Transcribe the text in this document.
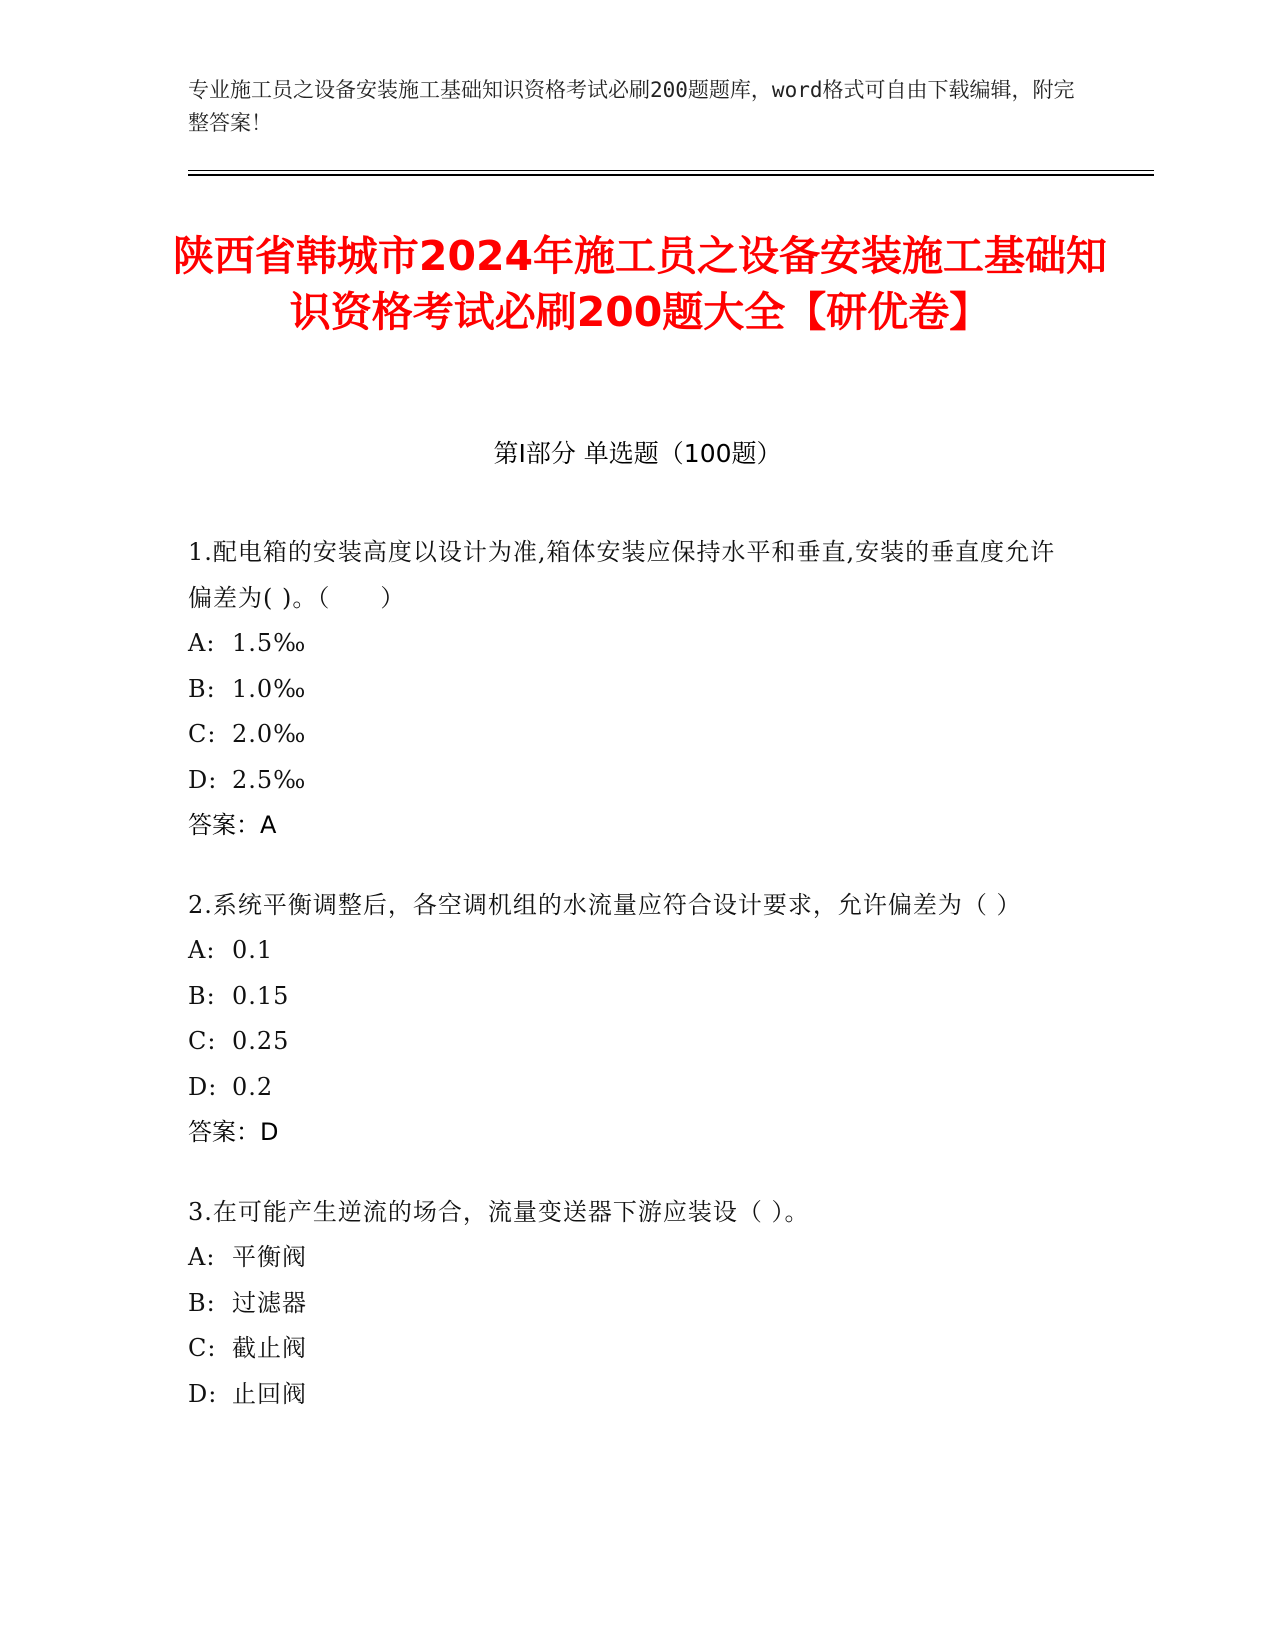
专业施工员之设备安装施工基础知识资格考试必刷200题题库，word格式可自由下载编辑，附完整答案！
陕西省韩城市2024年施工员之设备安装施工基础知识资格考试必刷200题大全【研优卷】
第I部分 单选题（100题）
1.配电箱的安装高度以设计为准,箱体安装应保持水平和垂直,安装的垂直度允许偏差为( )。（　　）
A: 1.5‰
B: 1.0‰
C: 2.0‰
D: 2.5‰
答案：A
2.系统平衡调整后，各空调机组的水流量应符合设计要求，允许偏差为（ ）
A: 0.1
B: 0.15
C: 0.25
D: 0.2
答案：D
3.在可能产生逆流的场合，流量变送器下游应装设（ ）。
A: 平衡阀
B: 过滤器
C: 截止阀
D: 止回阀
